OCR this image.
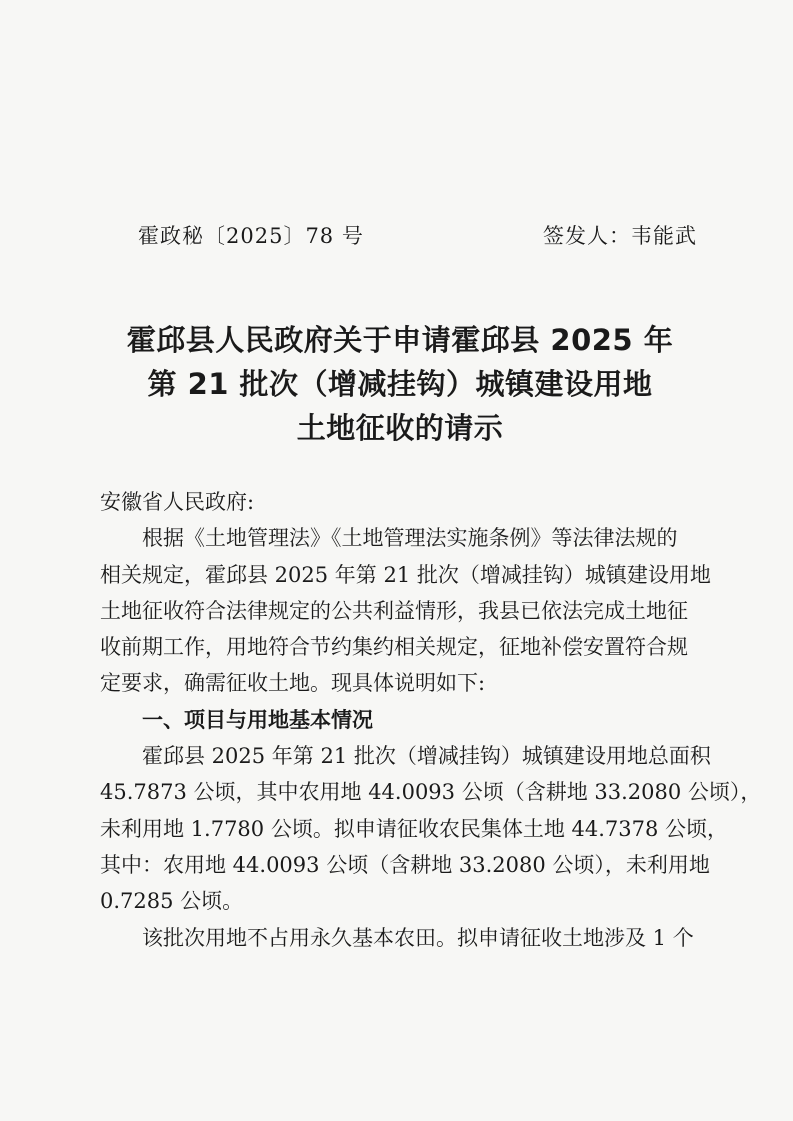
霍政秘〔2025〕78 号	签发人：韦能武
霍邱县人民政府关于申请霍邱县 2025 年
第 21 批次（增减挂钩）城镇建设用地
土地征收的请示

安徽省人民政府:

根据《土地管理法》《土地管理法实施条例》等法律法规的

相关规定，霍邱县 2025 年第 21 批次（增减挂钩）城镇建设用地

土地征收符合法律规定的公共利益情形，我县已依法完成土地征

收前期工作，用地符合节约集约相关规定，征地补偿安置符合规

定要求，确需征收土地。现具体说明如下:

一、项目与用地基本情况

霍邱县 2025 年第 21 批次（增减挂钩）城镇建设用地总面积

45.7873 公顷，其中农用地 44.0093 公顷（含耕地 33.2080 公顷），

未利用地 1.7780 公顷。拟申请征收农民集体土地 44.7378 公顷，

其中：农用地 44.0093 公顷（含耕地 33.2080 公顷），未利用地

0.7285 公顷。

该批次用地不占用永久基本农田。拟申请征收土地涉及 1 个
